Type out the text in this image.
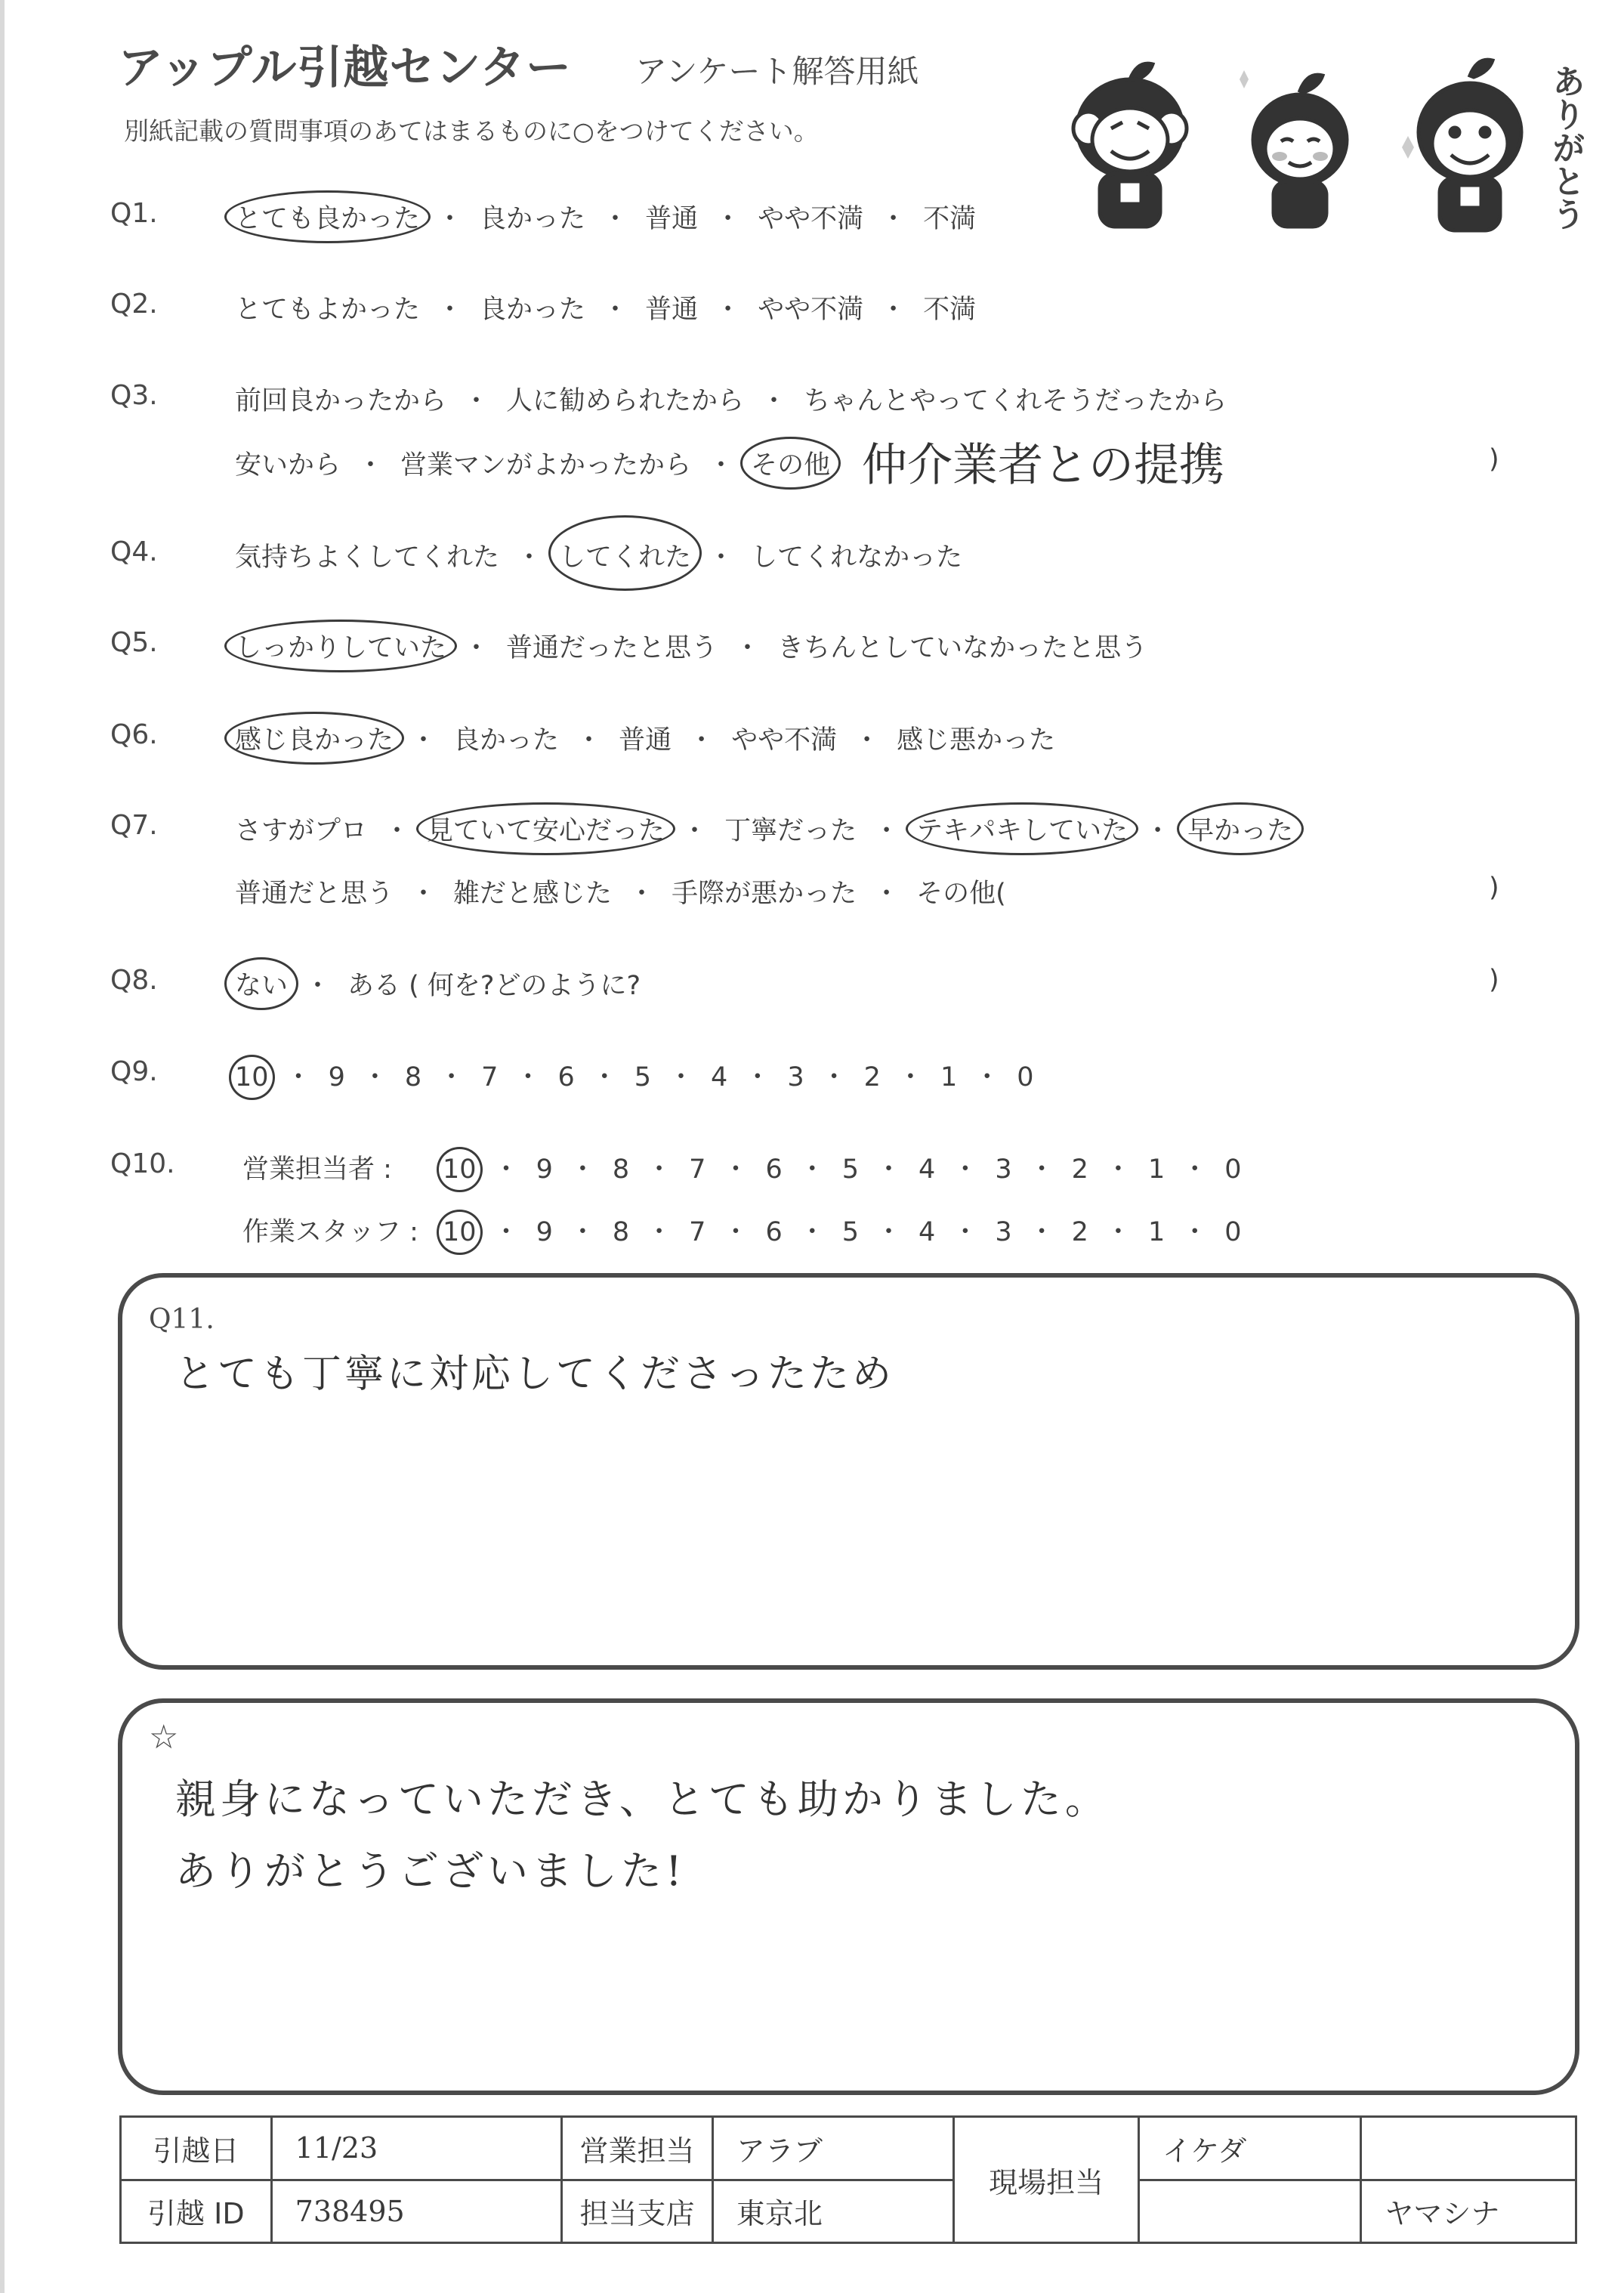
アップル引越センター アンケート解答用紙
別紙記載の質問事項のあてはまるものに○をつけてください。	ありがとう
Q1.	とても良かった ・ 良かった ・ 普通 ・ やや不満 ・ 不満
Q2.	とてもよかった ・ 良かった ・ 普通 ・ やや不満 ・ 不満
Q3.	前回良かったから ・ 人に勧められたから ・ ちゃんとやってくれそうだったから
安いから ・ 営業マンがよかったから ・ その他 仲介業者との提携	)
Q4.	気持ちよくしてくれた ・ してくれた ・ してくれなかった
Q5.	しっかりしていた ・ 普通だったと思う ・ きちんとしていなかったと思う
Q6.	感じ良かった ・ 良かった ・ 普通 ・ やや不満 ・ 感じ悪かった
Q7.	さすがプロ ・ 見ていて安心だった ・ 丁寧だった ・ テキパキしていた ・ 早かった
普通だと思う ・ 雑だと感じた ・ 手際が悪かった ・ その他(	)
Q8.	ない ・ ある ( 何を?どのように?	)
Q9.	10 ・ 9 ・ 8 ・ 7 ・ 6 ・ 5 ・ 4 ・ 3 ・ 2 ・ 1 ・ 0
Q10.	営業担当者 : 10 ・ 9 ・ 8 ・ 7 ・ 6 ・ 5 ・ 4 ・ 3 ・ 2 ・ 1 ・ 0
作業スタッフ : 10 ・ 9 ・ 8 ・ 7 ・ 6 ・ 5 ・ 4 ・ 3 ・ 2 ・ 1 ・ 0
Q11.
とても丁寧に対応してくださったため
☆
親身になっていただき、とても助かりました。
ありがとうございました!
引越日	11/23	営業担当	アラブ	現場担当	イケダ	
引越 ID	738495	担当支店	東京北			ヤマシナ
